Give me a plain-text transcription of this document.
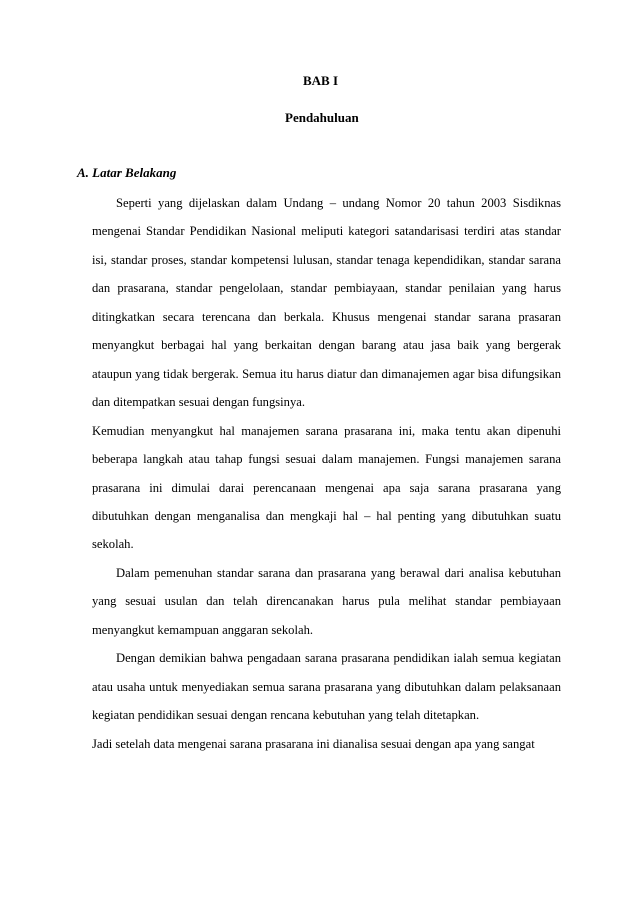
BAB I
Pendahuluan
A. Latar Belakang

Seperti yang dijelaskan dalam Undang – undang Nomor 20 tahun 2003 Sisdiknas mengenai Standar Pendidikan Nasional meliputi kategori satandarisasi terdiri atas standar isi, standar proses, standar kompetensi lulusan, standar tenaga kependidikan, standar sarana dan prasarana, standar pengelolaan, standar pembiayaan, standar penilaian yang harus ditingkatkan secara terencana dan berkala. Khusus mengenai standar sarana prasaran menyangkut berbagai hal yang berkaitan dengan barang atau jasa baik yang bergerak ataupun yang tidak bergerak. Semua itu harus diatur dan dimanajemen agar bisa difungsikan dan ditempatkan sesuai dengan fungsinya.

Kemudian menyangkut hal manajemen sarana prasarana ini, maka tentu akan dipenuhi beberapa langkah atau tahap fungsi sesuai dalam manajemen. Fungsi manajemen sarana prasarana ini dimulai darai perencanaan mengenai apa saja sarana prasarana yang dibutuhkan dengan menganalisa dan mengkaji hal – hal penting yang dibutuhkan suatu sekolah.

Dalam pemenuhan standar sarana dan prasarana yang berawal dari analisa kebutuhan yang sesuai usulan dan telah direncanakan harus pula melihat standar pembiayaan menyangkut kemampuan anggaran sekolah.

Dengan demikian bahwa pengadaan sarana prasarana pendidikan ialah semua kegiatan atau usaha untuk menyediakan semua sarana prasarana yang dibutuhkan dalam pelaksanaan kegiatan pendidikan sesuai dengan rencana kebutuhan yang telah ditetapkan.

Jadi setelah data mengenai sarana prasarana ini dianalisa sesuai dengan apa yang sangat
